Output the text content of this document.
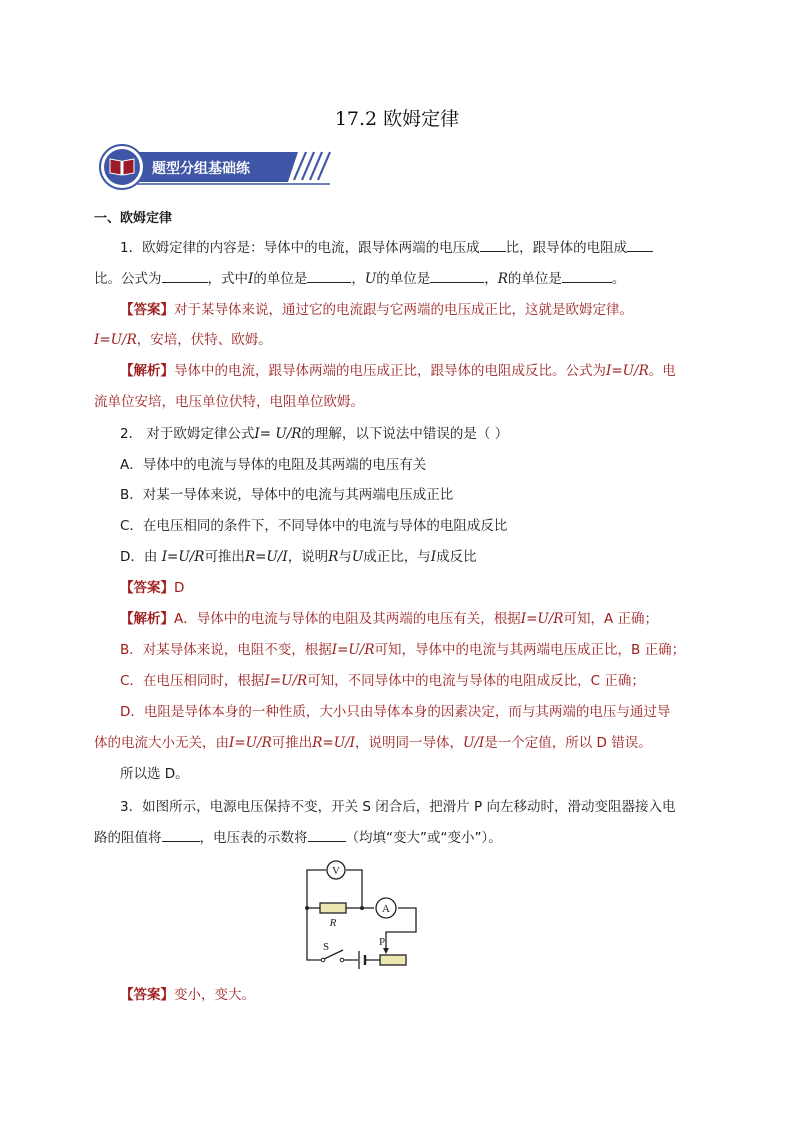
17.2 欧姆定律
题型分组基础练
一、欧姆定律
1．欧姆定律的内容是：导体中的电流，跟导体两端的电压成 比，跟导体的电阻成
比。公式为	，式中I的单位是	，U的单位是	，R的单位是	。
【答案】对于某导体来说，通过它的电流跟与它两端的电压成正比，这就是欧姆定律。
I=U/R，安培，伏特、欧姆。
【解析】导体中的电流，跟导体两端的电压成正比，跟导体的电阻成反比。公式为I=U/R。电
流单位安培，电压单位伏特，电阻单位欧姆。
2． 对于欧姆定律公式I= U/R的理解，以下说法中错误的是（ ）
A．导体中的电流与导体的电阻及其两端的电压有关
B．对某一导体来说，导体中的电流与其两端电压成正比
C．在电压相同的条件下，不同导体中的电流与导体的电阻成反比
D．由 I=U/R可推出R=U/I，说明R与U成正比，与I成反比
【答案】D
【解析】A．导体中的电流与导体的电阻及其两端的电压有关，根据I=U/R可知，A 正确；
B．对某导体来说，电阻不变，根据I=U/R可知，导体中的电流与其两端电压成正比，B 正确；
C．在电压相同时，根据I=U/R可知，不同导体中的电流与导体的电阻成反比，C 正确；
D．电阻是导体本身的一种性质，大小只由导体本身的因素决定，而与其两端的电压与通过导
体的电流大小无关，由I=U/R可推出R=U/I，说明同一导体，U/I是一个定值，所以 D 错误。
所以选 D。
3．如图所示，电源电压保持不变，开关 S 闭合后，把滑片 P 向左移动时，滑动变阻器接入电
路的阻值将	，电压表的示数将	（均填“变大”或“变小”）。
V
R
A
P
S
【答案】变小，变大。
